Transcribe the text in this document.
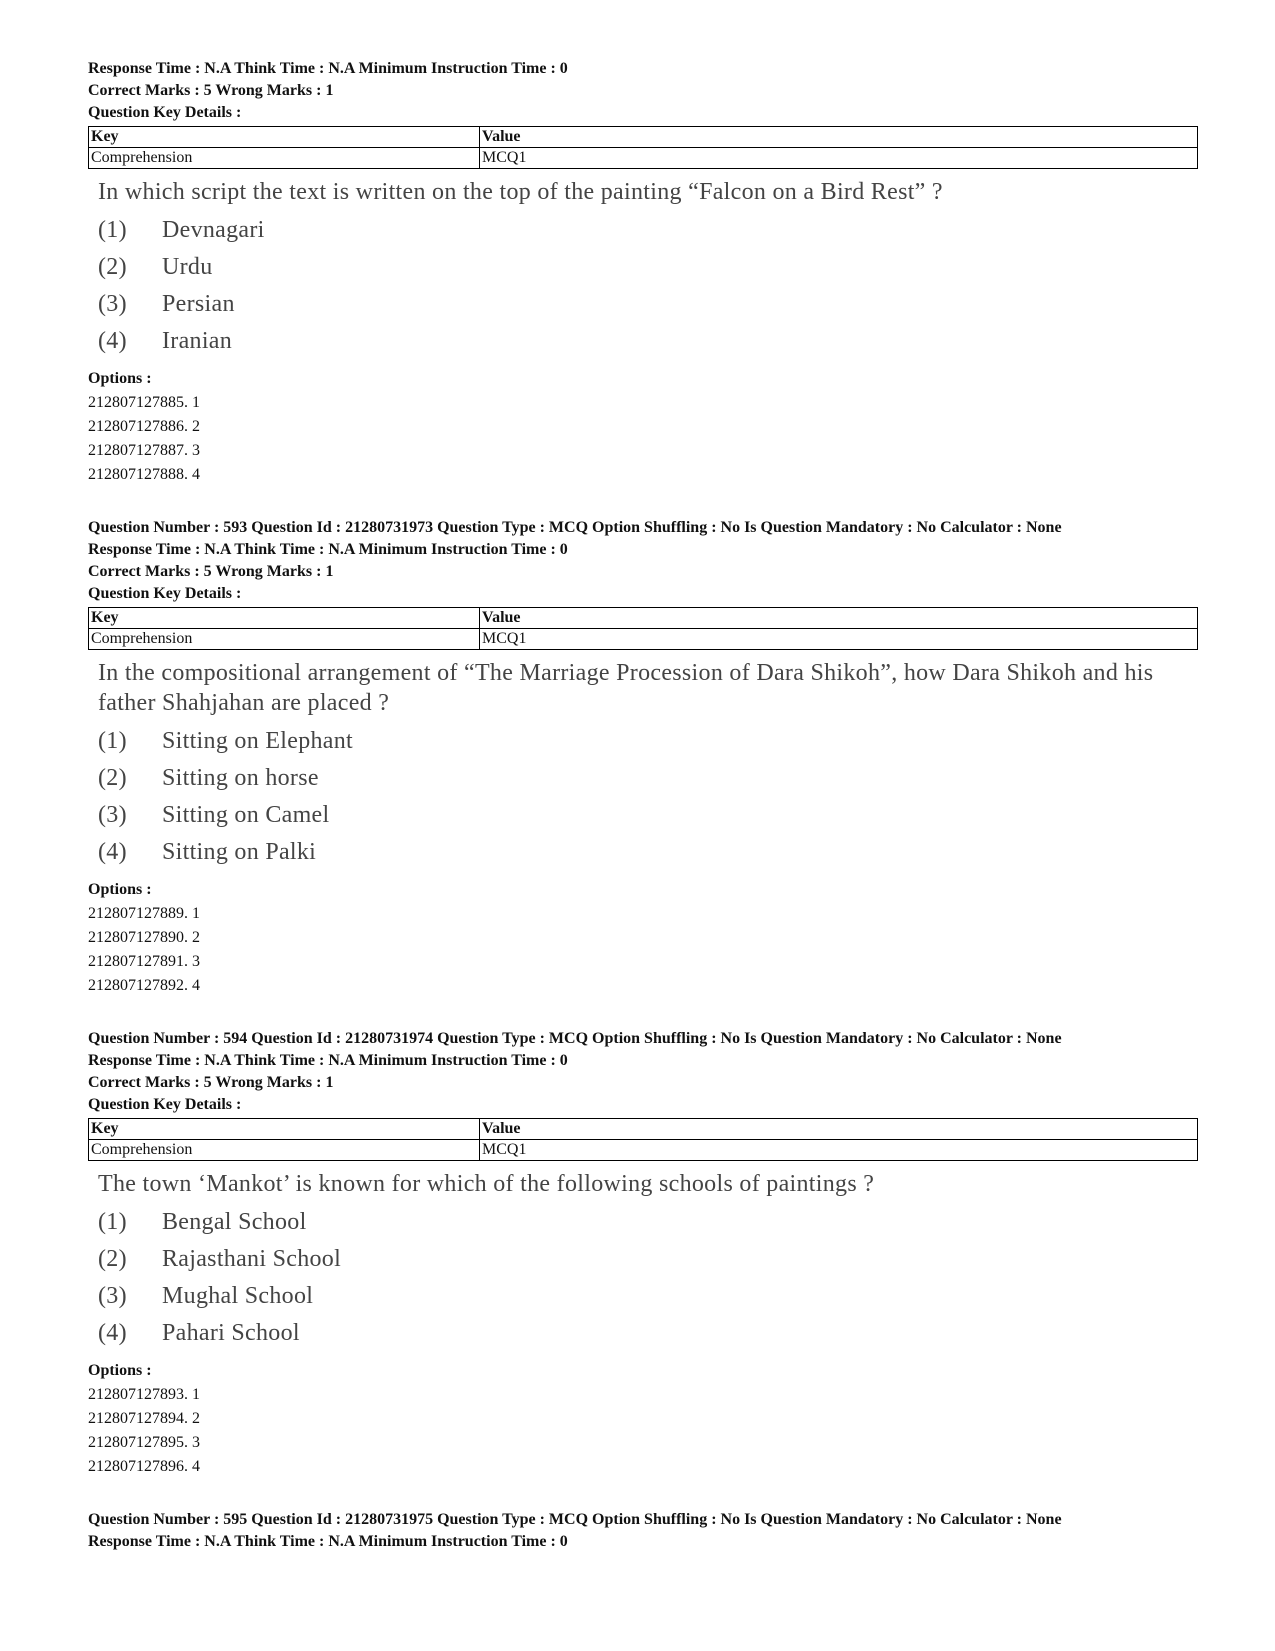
Response Time : N.A Think Time : N.A Minimum Instruction Time : 0

Correct Marks : 5 Wrong Marks : 1

Question Key Details :

Key	Value
Comprehension	MCQ1
In which script the text is written on the top of the painting “Falcon on a Bird Rest” ?
(1)	Devnagari
(2)	Urdu
(3)	Persian
(4)	Iranian
Options :
212807127885. 1
212807127886. 2
212807127887. 3
212807127888. 4

Question Number : 593 Question Id : 21280731973 Question Type : MCQ Option Shuffling : No Is Question Mandatory : No Calculator : None

Response Time : N.A Think Time : N.A Minimum Instruction Time : 0

Correct Marks : 5 Wrong Marks : 1

Question Key Details :

Key	Value
Comprehension	MCQ1
In the compositional arrangement of “The Marriage Procession of Dara Shikoh”, how Dara Shikoh and his father Shahjahan are placed ?
(1)	Sitting on Elephant
(2)	Sitting on horse
(3)	Sitting on Camel
(4)	Sitting on Palki
Options :
212807127889. 1
212807127890. 2
212807127891. 3
212807127892. 4

Question Number : 594 Question Id : 21280731974 Question Type : MCQ Option Shuffling : No Is Question Mandatory : No Calculator : None

Response Time : N.A Think Time : N.A Minimum Instruction Time : 0

Correct Marks : 5 Wrong Marks : 1

Question Key Details :

Key	Value
Comprehension	MCQ1
The town ‘Mankot’ is known for which of the following schools of paintings ?
(1)	Bengal School
(2)	Rajasthani School
(3)	Mughal School
(4)	Pahari School
Options :
212807127893. 1
212807127894. 2
212807127895. 3
212807127896. 4

Question Number : 595 Question Id : 21280731975 Question Type : MCQ Option Shuffling : No Is Question Mandatory : No Calculator : None

Response Time : N.A Think Time : N.A Minimum Instruction Time : 0
